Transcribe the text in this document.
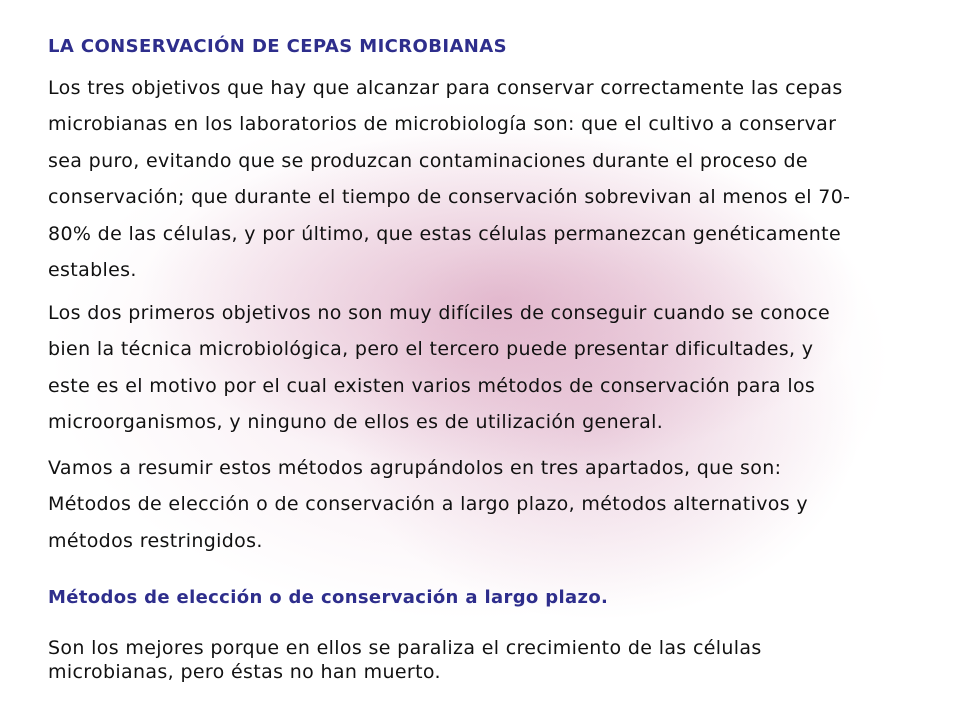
LA CONSERVACIÓN DE CEPAS MICROBIANAS

Los tres objetivos que hay que alcanzar para conservar correctamente las cepas
microbianas en los laboratorios de microbiología son: que el cultivo a conservar
sea puro, evitando que se produzcan contaminaciones durante el proceso de
conservación; que durante el tiempo de conservación sobrevivan al menos el 70-
80% de las células, y por último, que estas células permanezcan genéticamente
estables.

Los dos primeros objetivos no son muy difíciles de conseguir cuando se conoce
bien la técnica microbiológica, pero el tercero puede presentar dificultades, y
este es el motivo por el cual existen varios métodos de conservación para los
microorganismos, y ninguno de ellos es de utilización general.

Vamos a resumir estos métodos agrupándolos en tres apartados, que son:
Métodos de elección o de conservación a largo plazo, métodos alternativos y
métodos restringidos.

Métodos de elección o de conservación a largo plazo.

Son los mejores porque en ellos se paraliza el crecimiento de las células
microbianas, pero éstas no han muerto.
